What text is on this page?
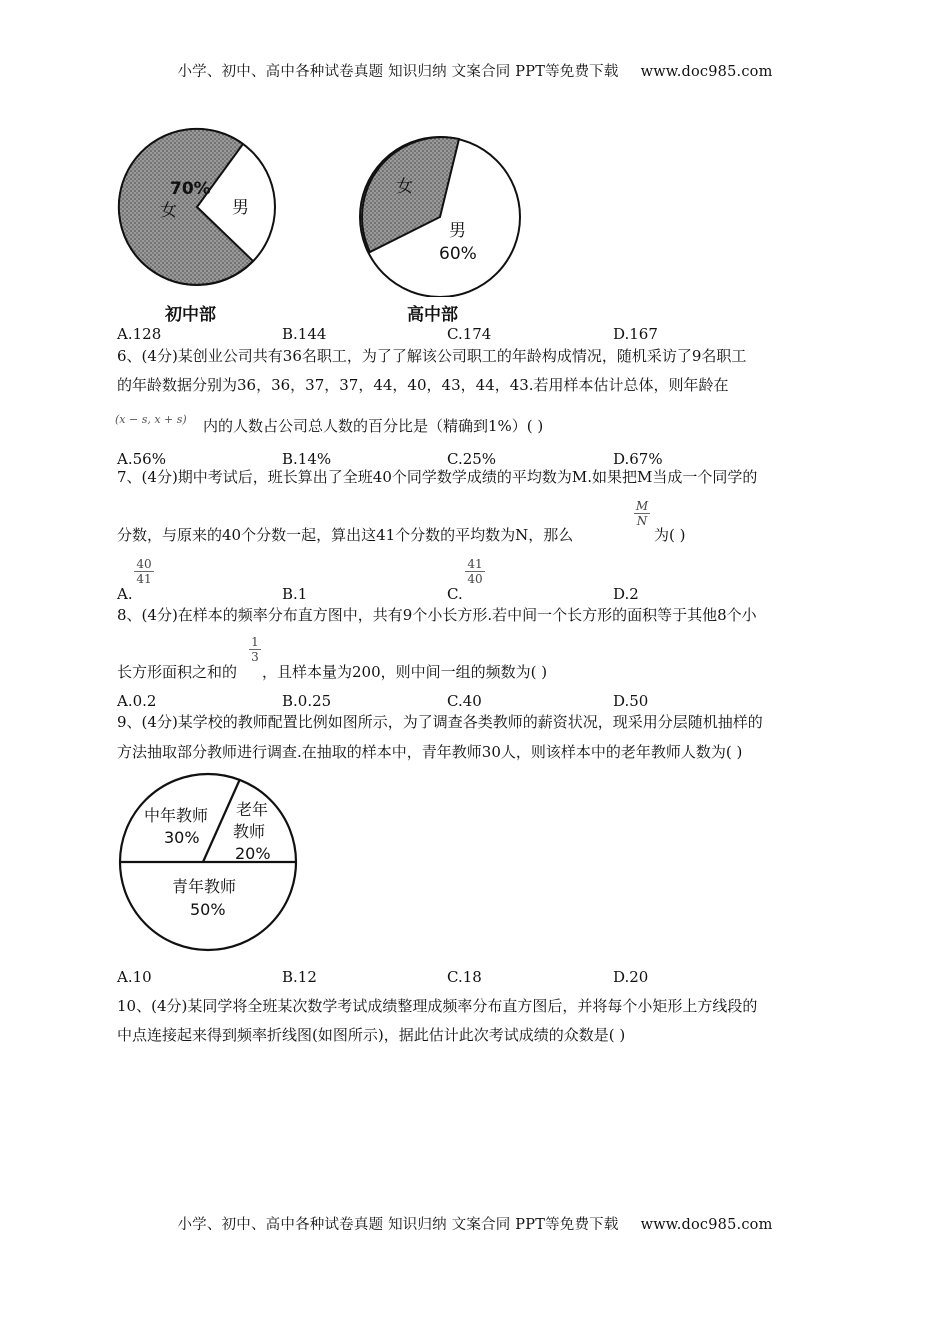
小学、初中、高中各种试卷真题 知识归纳 文案合同 PPT等免费下载 www.doc985.com
70%
女	男
女
男
60%
初中部	高中部
A.128	B.144	C.174	D.167
6、(4分)某创业公司共有36名职工，为了了解该公司职工的年龄构成情况，随机采访了9名职工
的年龄数据分别为36，36，37，37，44，40，43，44，43.若用样本估计总体，则年龄在
(x − s, x + s) 内的人数占公司总人数的百分比是（精确到1%）( )
A.56%	B.14%	C.25%	D.67%
7、(4分)期中考试后，班长算出了全班40个同学数学成绩的平均数为M.如果把M当成一个同学的
分数，与原来的40个分数一起，算出这41个分数的平均数为N，那么
M
N
为( )
A.
40
41
B.1	C.
41
40
D.2
8、(4分)在样本的频率分布直方图中，共有9个小长方形.若中间一个长方形的面积等于其他8个小
长方形面积之和的
1
3
，且样本量为200，则中间一组的频数为( )
A.0.2	B.0.25	C.40	D.50
9、(4分)某学校的教师配置比例如图所示，为了调查各类教师的薪资状况，现采用分层随机抽样的
方法抽取部分教师进行调查.在抽取的样本中，青年教师30人，则该样本中的老年教师人数为( )
中年教师
30%
老年
教师
20%
青年教师
50%
A.10	B.12	C.18	D.20
10、(4分)某同学将全班某次数学考试成绩整理成频率分布直方图后，并将每个小矩形上方线段的
中点连接起来得到频率折线图(如图所示)，据此估计此次考试成绩的众数是( )
小学、初中、高中各种试卷真题 知识归纳 文案合同 PPT等免费下载 www.doc985.com
